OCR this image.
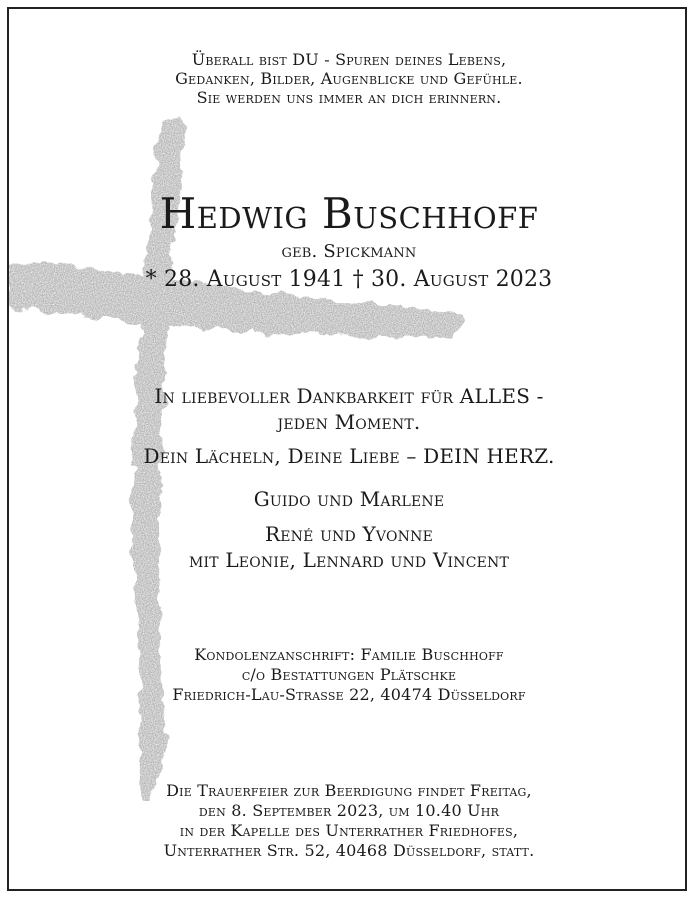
Überall bist DU - Spuren deines Lebens,
Gedanken, Bilder, Augenblicke und Gefühle.
Sie werden uns immer an dich erinnern.
Hedwig Buschhoff
geb. Spickmann
* 28. August 1941 † 30. August 2023
In liebevoller Dankbarkeit für ALLES -
jeden Moment.
Dein Lächeln, Deine Liebe – DEIN HERZ.
Guido und Marlene
René und Yvonne
mit Leonie, Lennard und Vincent
Kondolenzanschrift: Familie Buschhoff
c/o Bestattungen Plätschke
Friedrich-Lau-Strasse 22, 40474 Düsseldorf
Die Trauerfeier zur Beerdigung findet Freitag,
den 8. September 2023, um 10.40 Uhr
in der Kapelle des Unterrather Friedhofes,
Unterrather Str. 52, 40468 Düsseldorf, statt.
